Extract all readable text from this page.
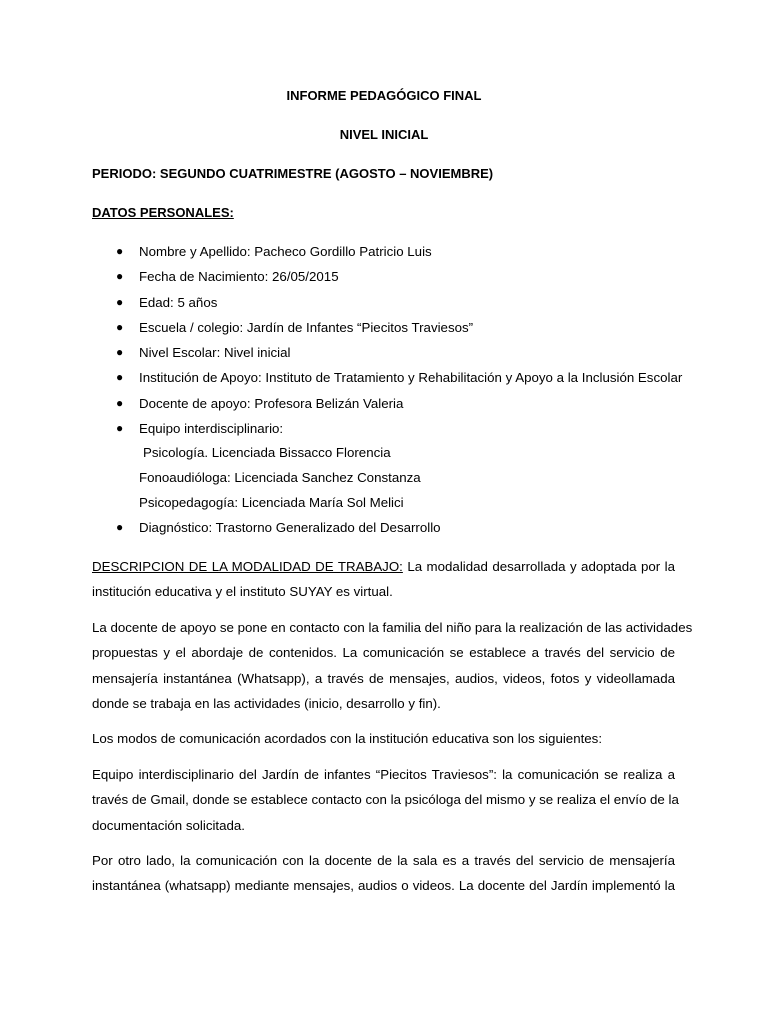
INFORME PEDAGÓGICO FINAL
NIVEL INICIAL
PERIODO: SEGUNDO CUATRIMESTRE (AGOSTO – NOVIEMBRE)
DATOS PERSONALES:
● Nombre y Apellido: Pacheco Gordillo Patricio Luis
● Fecha de Nacimiento: 26/05/2015
● Edad: 5 años
● Escuela / colegio: Jardín de Infantes “Piecitos Traviesos”
● Nivel Escolar: Nivel inicial
● Institución de Apoyo: Instituto de Tratamiento y Rehabilitación y Apoyo a la Inclusión Escolar
● Docente de apoyo: Profesora Belizán Valeria
● Equipo interdisciplinario:
Psicología. Licenciada Bissacco Florencia
Fonoaudióloga: Licenciada Sanchez Constanza
Psicopedagogía: Licenciada María Sol Melici
● Diagnóstico: Trastorno Generalizado del Desarrollo
DESCRIPCION DE LA MODALIDAD DE TRABAJO: La modalidad desarrollada y adoptada por la
institución educativa y el instituto SUYAY es virtual.
La docente de apoyo se pone en contacto con la familia del niño para la realización de las actividades
propuestas y el abordaje de contenidos. La comunicación se establece a través del servicio de
mensajería instantánea (Whatsapp), a través de mensajes, audios, videos, fotos y videollamada
donde se trabaja en las actividades (inicio, desarrollo y fin).
Los modos de comunicación acordados con la institución educativa son los siguientes:
Equipo interdisciplinario del Jardín de infantes “Piecitos Traviesos”: la comunicación se realiza a
través de Gmail, donde se establece contacto con la psicóloga del mismo y se realiza el envío de la
documentación solicitada.
Por otro lado, la comunicación con la docente de la sala es a través del servicio de mensajería
instantánea (whatsapp) mediante mensajes, audios o videos. La docente del Jardín implementó la
